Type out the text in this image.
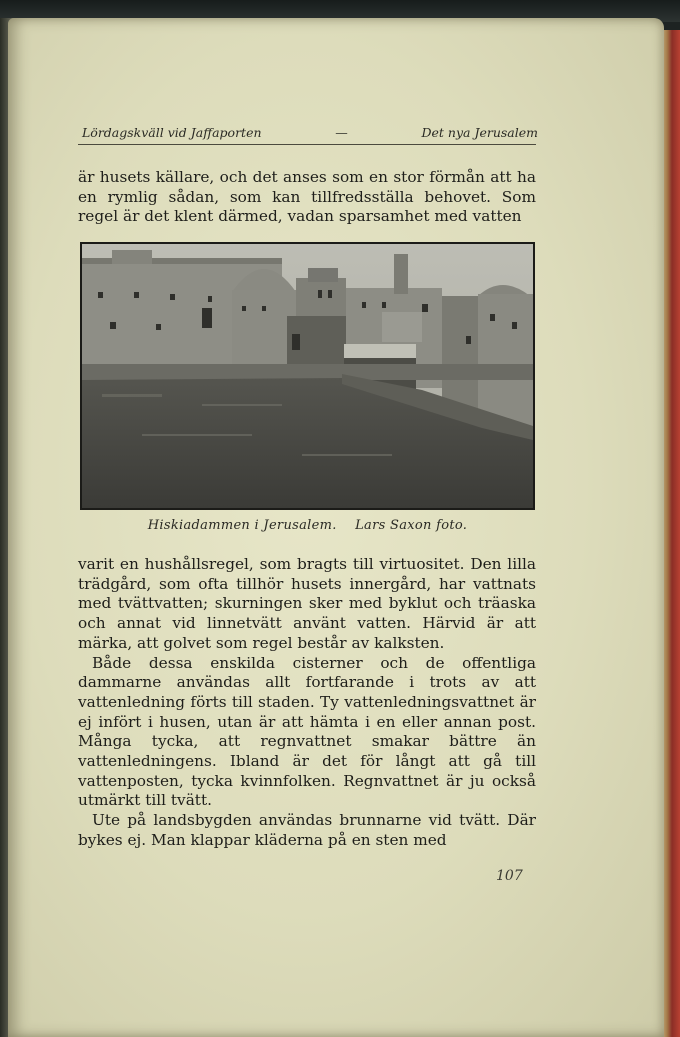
Lördagskväll vid Jaffaporten	—	Det nya Jerusalem

är husets källare, och det anses som en stor förmån att ha en rymlig sådan, som kan tillfredsställa behovet. Som regel är det klent därmed, vadan sparsamhet med vatten

Hiskiadammen i Jerusalem. Lars Saxon foto.

varit en hushållsregel, som bragts till virtuositet. Den lilla trädgård, som ofta tillhör husets innergård, har vattnats med tvättvatten; skurningen sker med byklut och träaska och annat vid linnetvätt använt vatten. Härvid är att märka, att golvet som regel består av kalksten.

Både dessa enskilda cisterner och de offentliga dammarne användas allt fortfarande i trots av att vattenledning förts till staden. Ty vattenledningsvattnet är ej infört i husen, utan är att hämta i en eller annan post. Många tycka, att regnvattnet smakar bättre än vattenledningens. Ibland är det för långt att gå till vattenposten, tycka kvinnfolken. Regnvattnet är ju också utmärkt till tvätt.

Ute på landsbygden användas brunnarne vid tvätt. Där bykes ej. Man klappar kläderna på en sten med

107
